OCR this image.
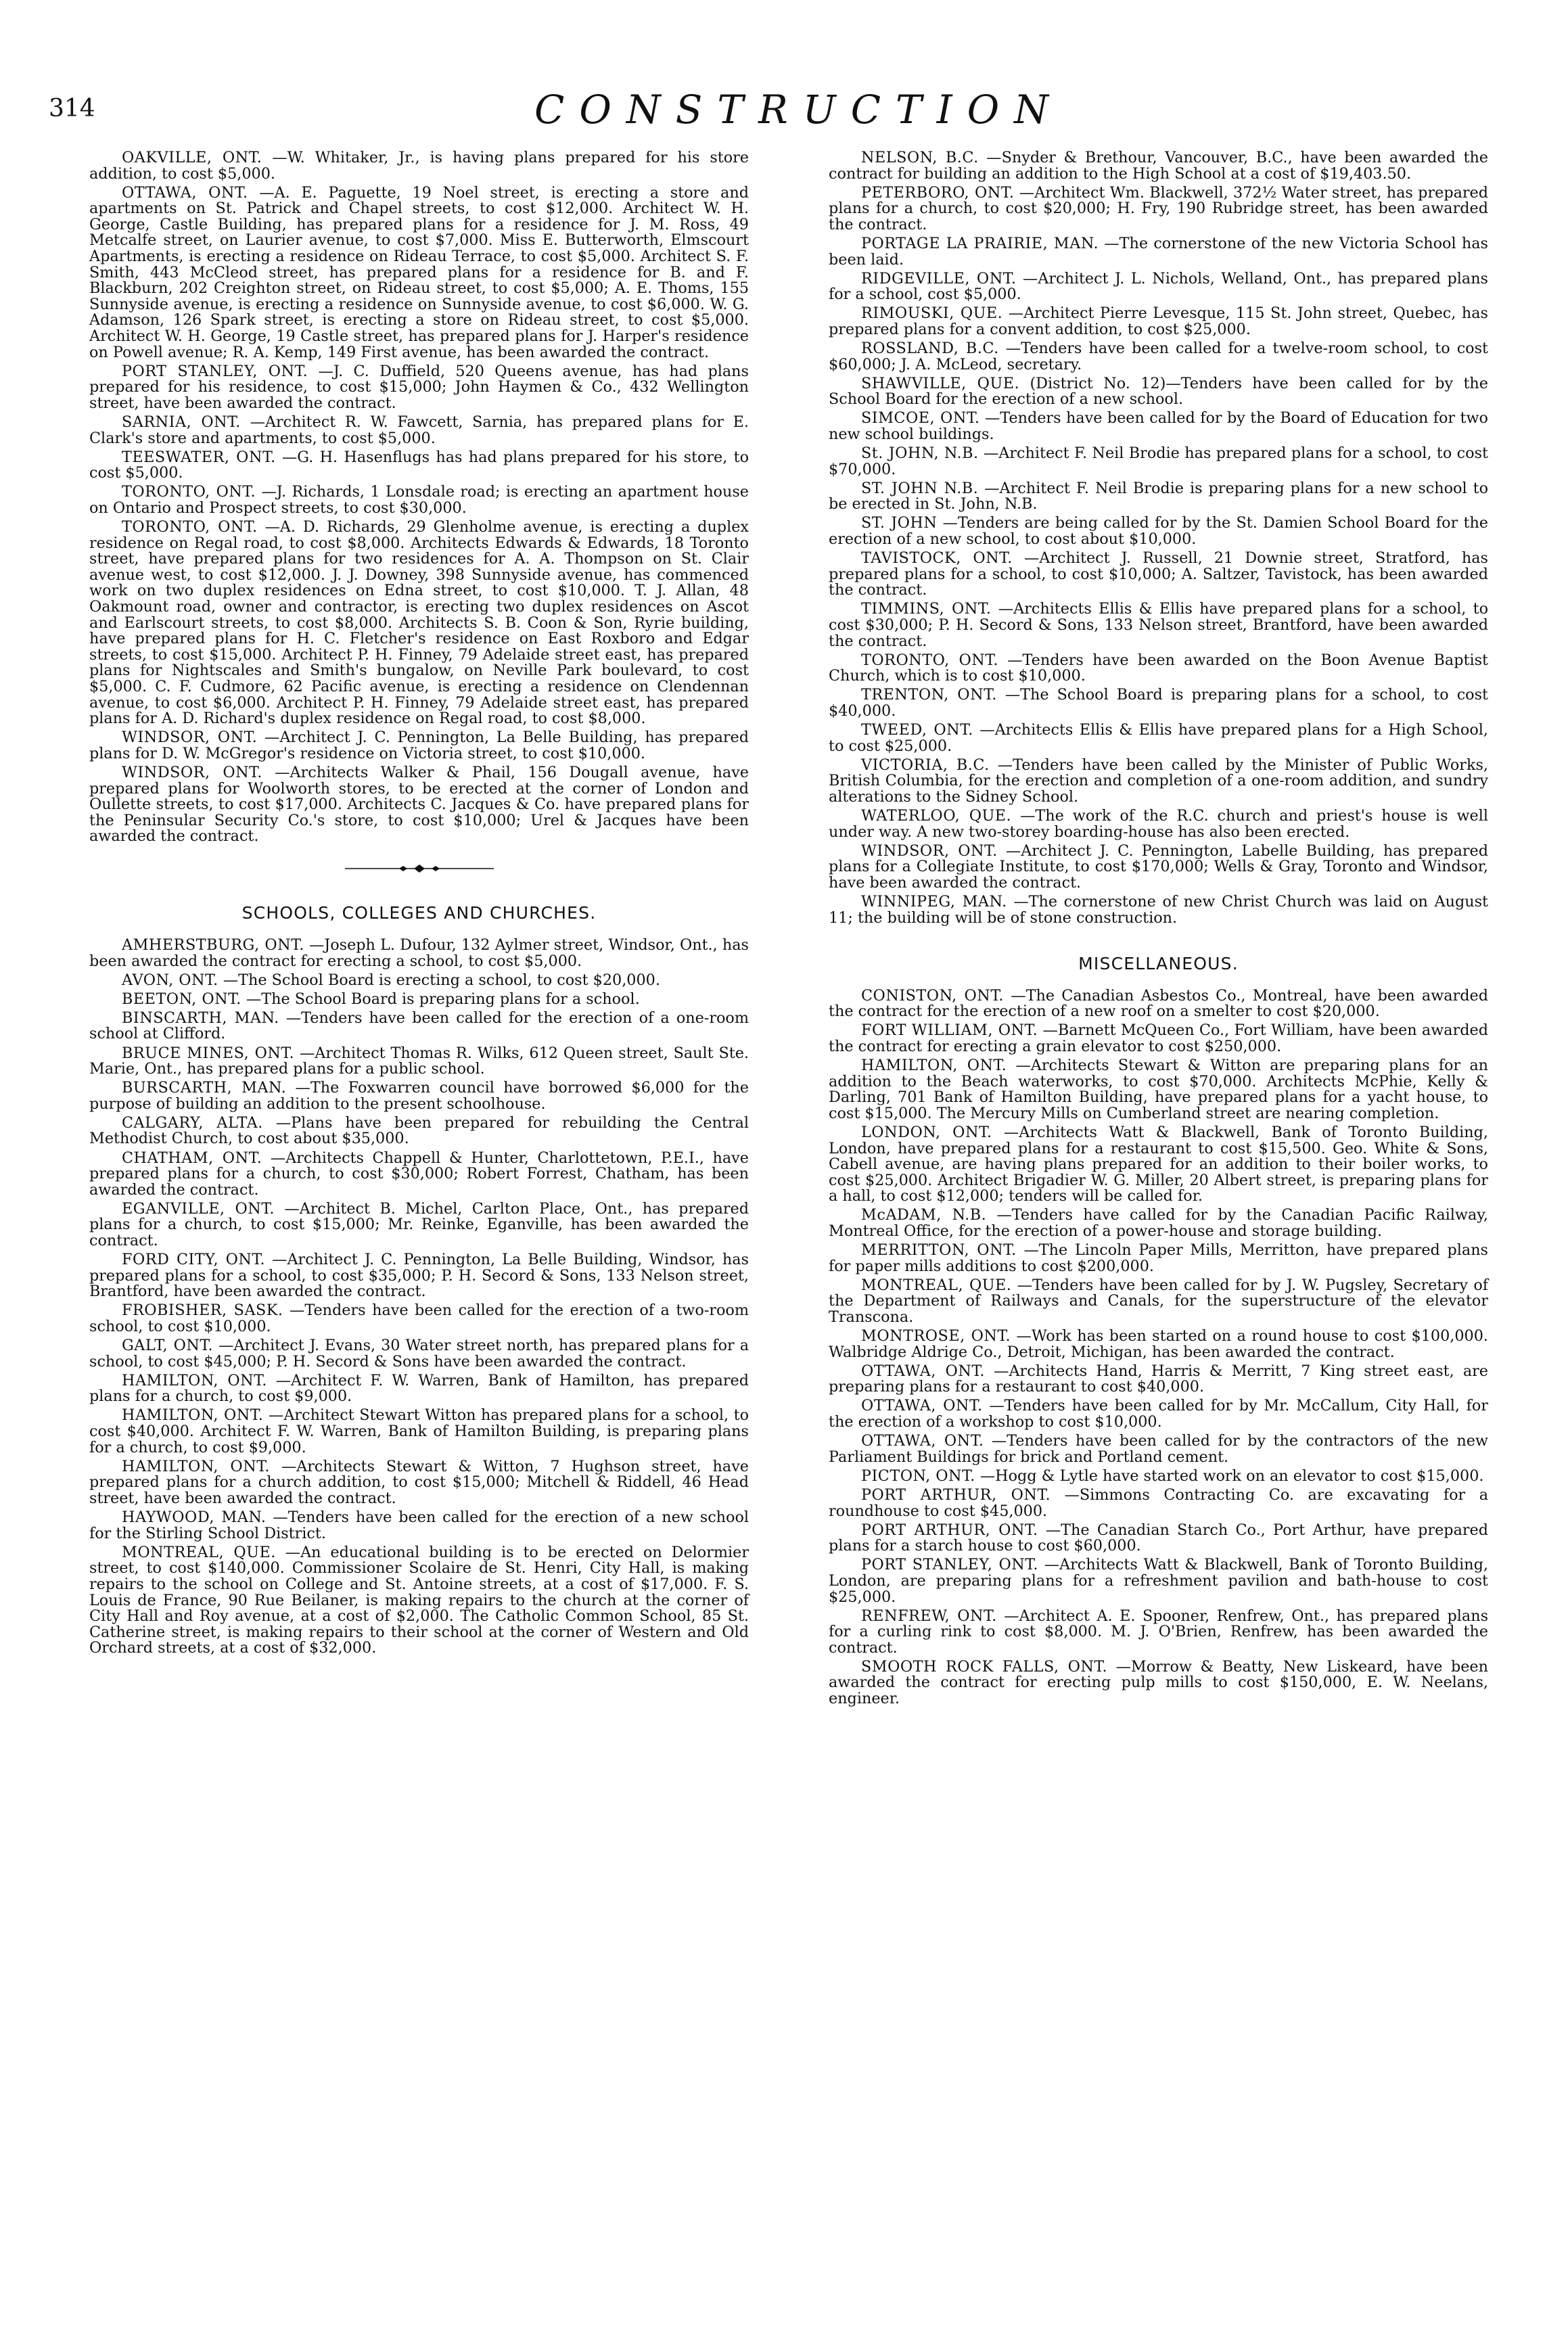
314	CONSTRUCTION

OAKVILLE, ONT. —W. Whitaker, Jr., is having plans prepared for his store addition, to cost $5,000.

OTTAWA, ONT. —A. E. Paguette, 19 Noel street, is erecting a store and apartments on St. Patrick and Chapel streets, to cost $12,000. Architect W. H. George, Castle Building, has prepared plans for a residence for J. M. Ross, 49 Metcalfe street, on Laurier avenue, to cost $7,000. Miss E. Butterworth, Elmscourt Apartments, is erecting a residence on Rideau Terrace, to cost $5,000. Architect S. F. Smith, 443 McCleod street, has prepared plans for a residence for B. and F. Blackburn, 202 Creighton street, on Rideau street, to cost $5,000; A. E. Thoms, 155 Sunnyside avenue, is erecting a residence on Sunnyside avenue, to cost $6,000. W. G. Adamson, 126 Spark street, is erecting a store on Rideau street, to cost $5,000. Architect W. H. George, 19 Castle street, has prepared plans for J. Harper's residence on Powell avenue; R. A. Kemp, 149 First avenue, has been awarded the contract.

PORT STANLEY, ONT. —J. C. Duffield, 520 Queens avenue, has had plans prepared for his residence, to cost $15,000; John Haymen & Co., 432 Wellington street, have been awarded the contract.

SARNIA, ONT. —Architect R. W. Fawcett, Sarnia, has prepared plans for E. Clark's store and apartments, to cost $5,000.

TEESWATER, ONT. —G. H. Hasenflugs has had plans prepared for his store, to cost $5,000.

TORONTO, ONT. —J. Richards, 1 Lonsdale road; is erecting an apartment house on Ontario and Prospect streets, to cost $30,000.

TORONTO, ONT. —A. D. Richards, 29 Glenholme avenue, is erecting a duplex residence on Regal road, to cost $8,000. Architects Edwards & Edwards, 18 Toronto street, have prepared plans for two residences for A. A. Thompson on St. Clair avenue west, to cost $12,000. J. J. Downey, 398 Sunnyside avenue, has commenced work on two duplex residences on Edna street, to cost $10,000. T. J. Allan, 48 Oakmount road, owner and contractor, is erecting two duplex residences on Ascot and Earlscourt streets, to cost $8,000. Architects S. B. Coon & Son, Ryrie building, have prepared plans for H. C. Fletcher's residence on East Roxboro and Edgar streets, to cost $15,000. Architect P. H. Finney, 79 Adelaide street east, has prepared plans for Nightscales and Smith's bungalow, on Neville Park boulevard, to cost $5,000. C. F. Cudmore, 62 Pacific avenue, is erecting a residence on Clendennan avenue, to cost $6,000. Architect P. H. Finney, 79 Adelaide street east, has prepared plans for A. D. Richard's duplex residence on Regal road, to cost $8,000.

WINDSOR, ONT. —Architect J. C. Pennington, La Belle Building, has prepared plans for D. W. McGregor's residence on Victoria street, to cost $10,000.

WINDSOR, ONT. —Architects Walker & Phail, 156 Dougall avenue, have prepared plans for Woolworth stores, to be erected at the corner of London and Oullette streets, to cost $17,000. Architects C. Jacques & Co. have prepared plans for the Peninsular Security Co.'s store, to cost $10,000; Urel & Jacques have been awarded the contract.

SCHOOLS, COLLEGES AND CHURCHES.

AMHERSTBURG, ONT. —Joseph L. Dufour, 132 Aylmer street, Windsor, Ont., has been awarded the contract for erecting a school, to cost $5,000.

AVON, ONT. —The School Board is erecting a school, to cost $20,000.

BEETON, ONT. —The School Board is preparing plans for a school.

BINSCARTH, MAN. —Tenders have been called for the erection of a one-room school at Clifford.

BRUCE MINES, ONT. —Architect Thomas R. Wilks, 612 Queen street, Sault Ste. Marie, Ont., has prepared plans for a public school.

BURSCARTH, MAN. —The Foxwarren council have borrowed $6,000 for the purpose of building an addition to the present schoolhouse.

CALGARY, ALTA. —Plans have been prepared for rebuilding the Central Methodist Church, to cost about $35,000.

CHATHAM, ONT. —Architects Chappell & Hunter, Charlottetown, P.E.I., have prepared plans for a church, to cost $30,000; Robert Forrest, Chatham, has been awarded the contract.

EGANVILLE, ONT. —Architect B. Michel, Carlton Place, Ont., has prepared plans for a church, to cost $15,000; Mr. Reinke, Eganville, has been awarded the contract.

FORD CITY, ONT. —Architect J. C. Pennington, La Belle Building, Windsor, has prepared plans for a school, to cost $35,000; P. H. Secord & Sons, 133 Nelson street, Brantford, have been awarded the contract.

FROBISHER, SASK. —Tenders have been called for the erection of a two-room school, to cost $10,000.

GALT, ONT. —Architect J. Evans, 30 Water street north, has prepared plans for a school, to cost $45,000; P. H. Secord & Sons have been awarded the contract.

HAMILTON, ONT. —Architect F. W. Warren, Bank of Hamilton, has prepared plans for a church, to cost $9,000.

HAMILTON, ONT. —Architect Stewart Witton has prepared plans for a school, to cost $40,000. Architect F. W. Warren, Bank of Hamilton Building, is preparing plans for a church, to cost $9,000.

HAMILTON, ONT. —Architects Stewart & Witton, 7 Hughson street, have prepared plans for a church addition, to cost $15,000; Mitchell & Riddell, 46 Head street, have been awarded the contract.

HAYWOOD, MAN. —Tenders have been called for the erection of a new school for the Stirling School District.

MONTREAL, QUE. —An educational building is to be erected on Delormier street, to cost $140,000. Commissioner Scolaire de St. Henri, City Hall, is making repairs to the school on College and St. Antoine streets, at a cost of $17,000. F. S. Louis de France, 90 Rue Beilaner, is making repairs to the church at the corner of City Hall and Roy avenue, at a cost of $2,000. The Catholic Common School, 85 St. Catherine street, is making repairs to their school at the corner of Western and Old Orchard streets, at a cost of $32,000.

NELSON, B.C. —Snyder & Brethour, Vancouver, B.C., have been awarded the contract for building an addition to the High School at a cost of $19,403.50.

PETERBORO, ONT. —Architect Wm. Blackwell, 372½ Water street, has prepared plans for a church, to cost $20,000; H. Fry, 190 Rubridge street, has been awarded the contract.

PORTAGE LA PRAIRIE, MAN. —The cornerstone of the new Victoria School has been laid.

RIDGEVILLE, ONT. —Architect J. L. Nichols, Welland, Ont., has prepared plans for a school, cost $5,000.

RIMOUSKI, QUE. —Architect Pierre Levesque, 115 St. John street, Quebec, has prepared plans for a convent addition, to cost $25,000.

ROSSLAND, B.C. —Tenders have been called for a twelve-room school, to cost $60,000; J. A. McLeod, secretary.

SHAWVILLE, QUE. (District No. 12)—Tenders have been called for by the School Board for the erection of a new school.

SIMCOE, ONT. —Tenders have been called for by the Board of Education for two new school buildings.

St. JOHN, N.B. —Architect F. Neil Brodie has prepared plans for a school, to cost $70,000.

ST. JOHN N.B. —Architect F. Neil Brodie is preparing plans for a new school to be erected in St. John, N.B.

ST. JOHN —Tenders are being called for by the St. Damien School Board for the erection of a new school, to cost about $10,000.

TAVISTOCK, ONT. —Architect J. Russell, 21 Downie street, Stratford, has prepared plans for a school, to cost $10,000; A. Saltzer, Tavistock, has been awarded the contract.

TIMMINS, ONT. —Architects Ellis & Ellis have prepared plans for a school, to cost $30,000; P. H. Secord & Sons, 133 Nelson street, Brantford, have been awarded the contract.

TORONTO, ONT. —Tenders have been awarded on the Boon Avenue Baptist Church, which is to cost $10,000.

TRENTON, ONT. —The School Board is preparing plans for a school, to cost $40,000.

TWEED, ONT. —Architects Ellis & Ellis have prepared plans for a High School, to cost $25,000.

VICTORIA, B.C. —Tenders have been called by the Minister of Public Works, British Columbia, for the erection and completion of a one-room addition, and sundry alterations to the Sidney School.

WATERLOO, QUE. —The work of the R.C. church and priest's house is well under way. A new two-storey boarding-house has also been erected.

WINDSOR, ONT. —Architect J. C. Pennington, Labelle Building, has prepared plans for a Collegiate Institute, to cost $170,000; Wells & Gray, Toronto and Windsor, have been awarded the contract.

WINNIPEG, MAN. —The cornerstone of new Christ Church was laid on August 11; the building will be of stone construction.

MISCELLANEOUS.

CONISTON, ONT. —The Canadian Asbestos Co., Montreal, have been awarded the contract for the erection of a new roof on a smelter to cost $20,000.

FORT WILLIAM, ONT. —Barnett McQueen Co., Fort William, have been awarded the contract for erecting a grain elevator to cost $250,000.

HAMILTON, ONT. —Architects Stewart & Witton are preparing plans for an addition to the Beach waterworks, to cost $70,000. Architects McPhie, Kelly & Darling, 701 Bank of Hamilton Building, have prepared plans for a yacht house, to cost $15,000. The Mercury Mills on Cumberland street are nearing completion.

LONDON, ONT. —Architects Watt & Blackwell, Bank of Toronto Building, London, have prepared plans for a restaurant to cost $15,500. Geo. White & Sons, Cabell avenue, are having plans prepared for an addition to their boiler works, to cost $25,000. Architect Brigadier W. G. Miller, 20 Albert street, is preparing plans for a hall, to cost $12,000; tenders will be called for.

McADAM, N.B. —Tenders have called for by the Canadian Pacific Railway, Montreal Office, for the erection of a power-house and storage building.

MERRITTON, ONT. —The Lincoln Paper Mills, Merritton, have prepared plans for paper mills additions to cost $200,000.

MONTREAL, QUE. —Tenders have been called for by J. W. Pugsley, Secretary of the Department of Railways and Canals, for the superstructure of the elevator Transcona.

MONTROSE, ONT. —Work has been started on a round house to cost $100,000. Walbridge Aldrige Co., Detroit, Michigan, has been awarded the contract.

OTTAWA, ONT. —Architects Hand, Harris & Merritt, 7 King street east, are preparing plans for a restaurant to cost $40,000.

OTTAWA, ONT. —Tenders have been called for by Mr. McCallum, City Hall, for the erection of a workshop to cost $10,000.

OTTAWA, ONT. —Tenders have been called for by the contractors of the new Parliament Buildings for brick and Portland cement.

PICTON, ONT. —Hogg & Lytle have started work on an elevator to cost $15,000.

PORT ARTHUR, ONT. —Simmons Contracting Co. are excavating for a roundhouse to cost $45,000.

PORT ARTHUR, ONT. —The Canadian Starch Co., Port Arthur, have prepared plans for a starch house to cost $60,000.

PORT STANLEY, ONT. —Architects Watt & Blackwell, Bank of Toronto Building, London, are preparing plans for a refreshment pavilion and bath-house to cost $25,000.

RENFREW, ONT. —Architect A. E. Spooner, Renfrew, Ont., has prepared plans for a curling rink to cost $8,000. M. J. O'Brien, Renfrew, has been awarded the contract.

SMOOTH ROCK FALLS, ONT. —Morrow & Beatty, New Liskeard, have been awarded the contract for erecting pulp mills to cost $150,000, E. W. Neelans, engineer.
